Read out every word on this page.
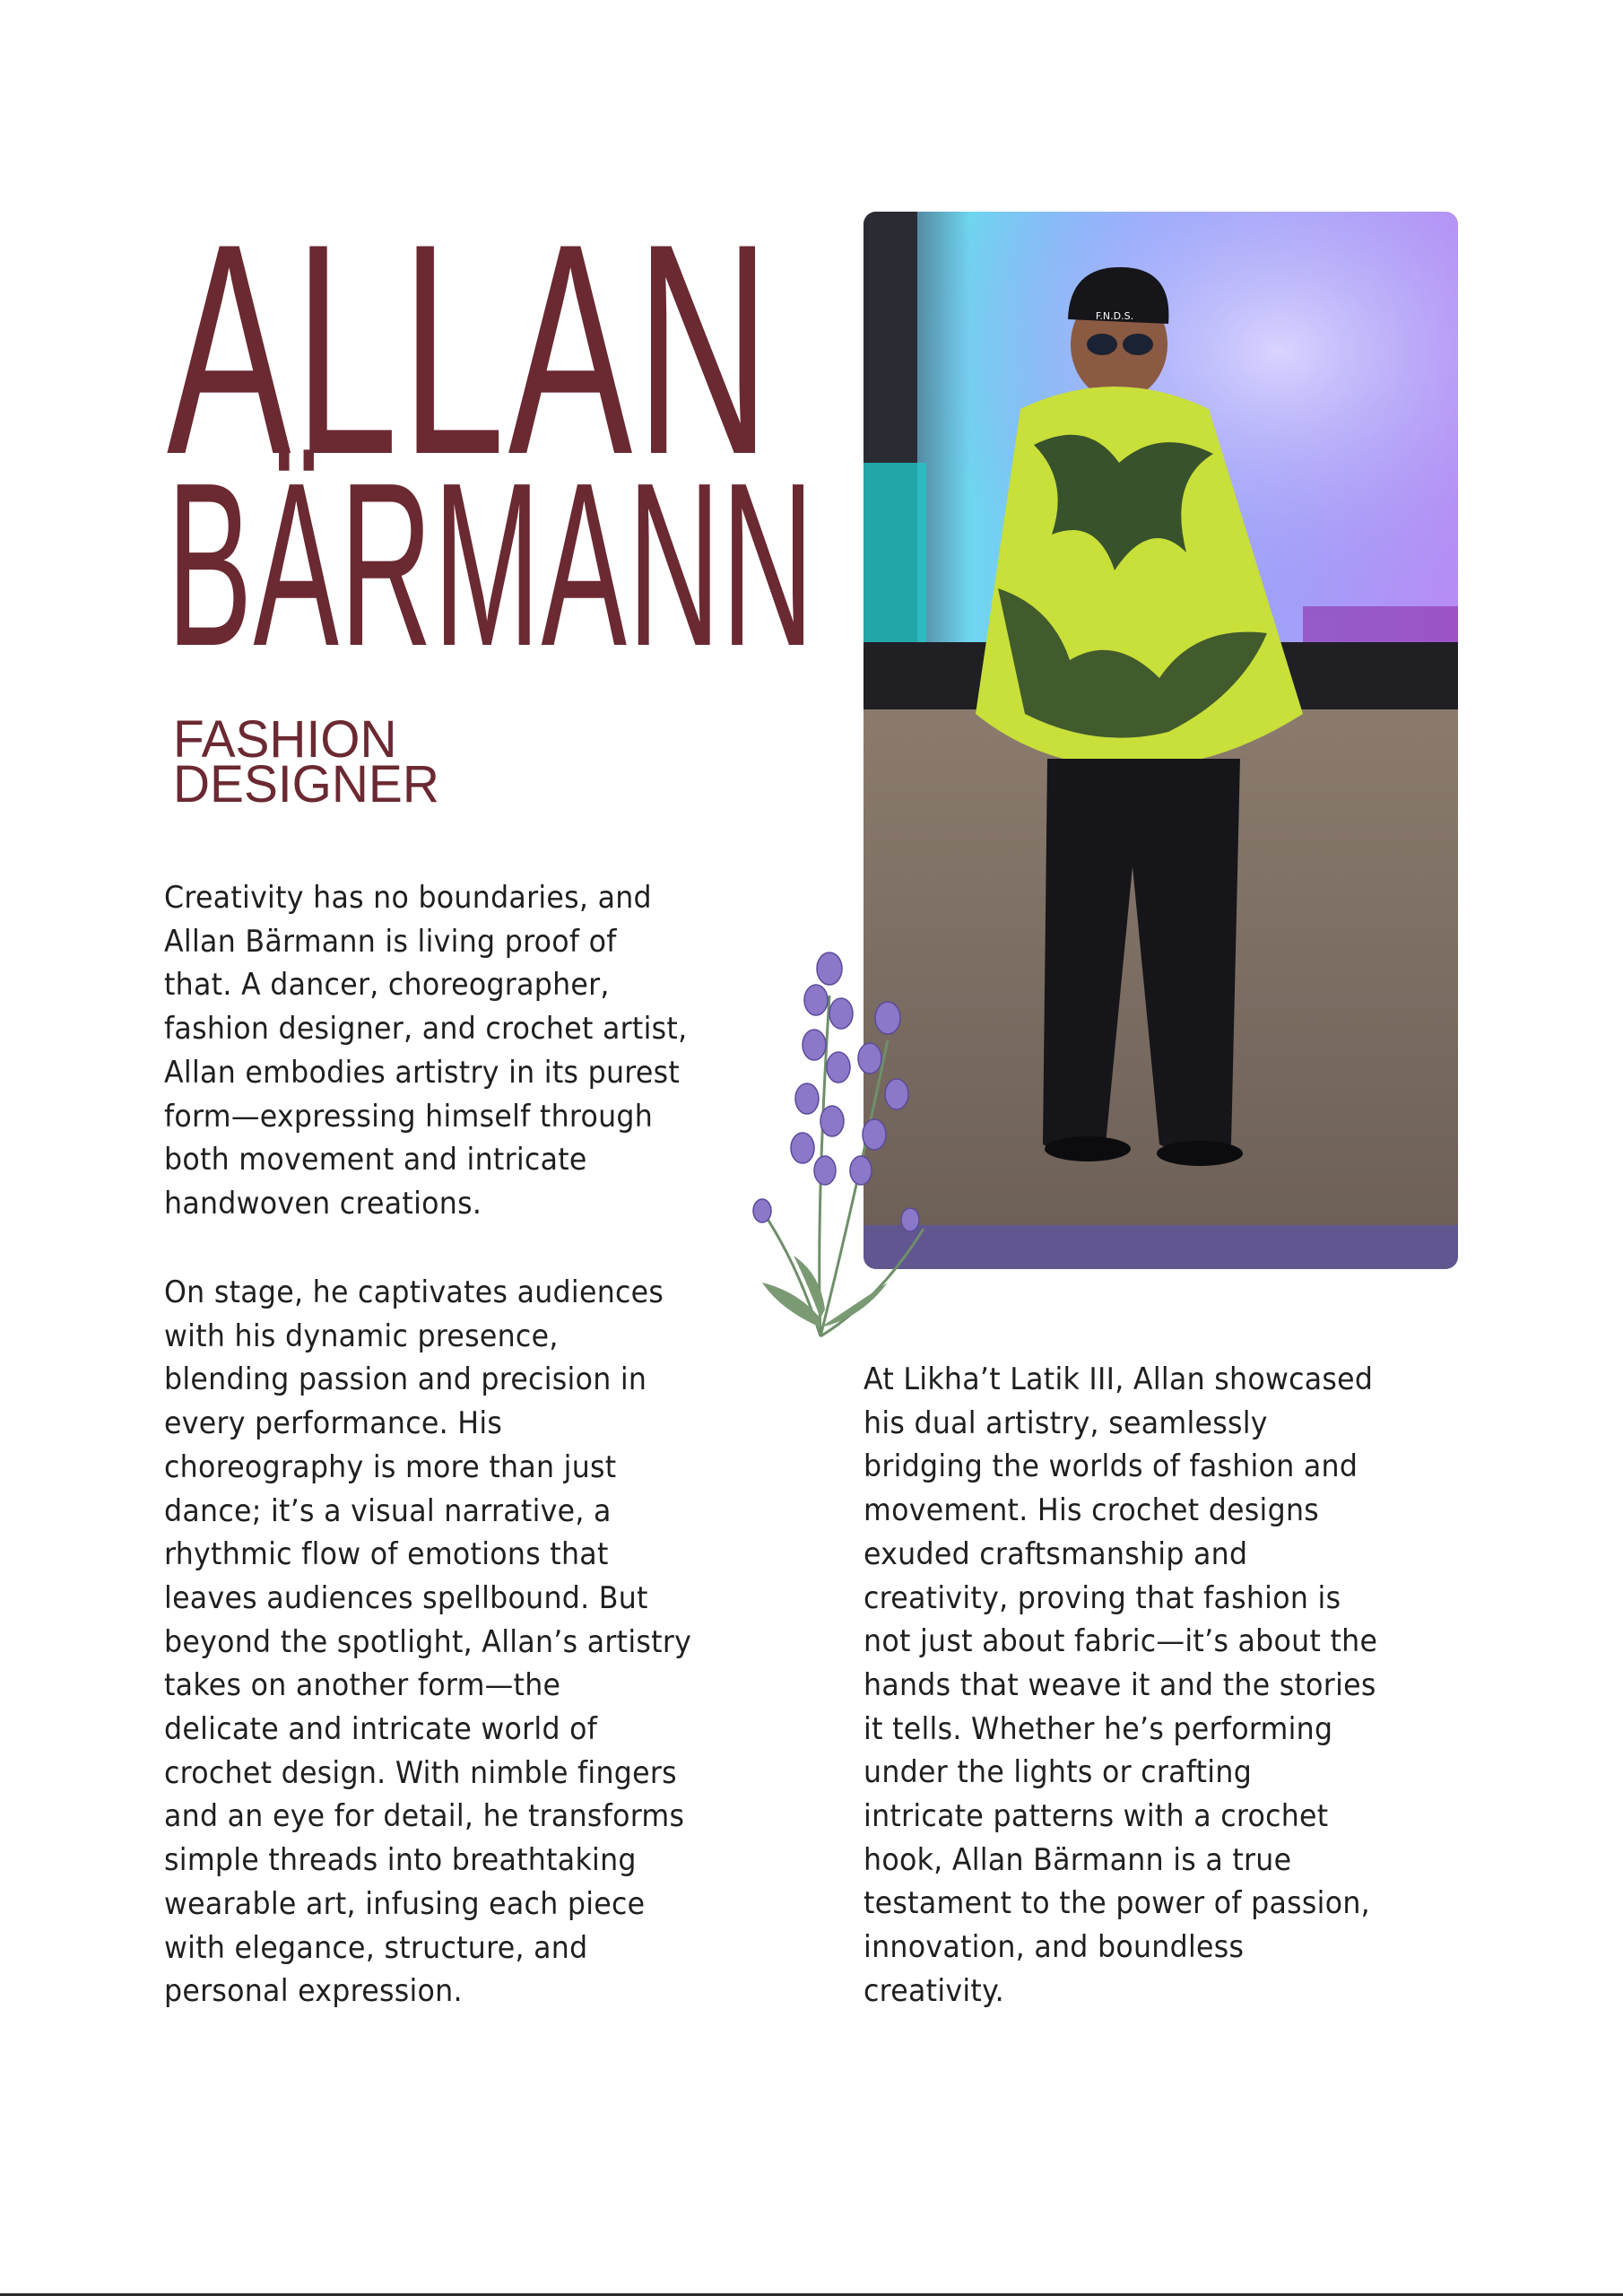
ALLAN
BÄRMANN
FASHION
DESIGNER
Creativity has no boundaries, and
Allan Bärmann is living proof of
that. A dancer, choreographer,
fashion designer, and crochet artist,
Allan embodies artistry in its purest
form—expressing himself through
both movement and intricate
handwoven creations.
On stage, he captivates audiences
with his dynamic presence,
blending passion and precision in
every performance. His
choreography is more than just
dance; it’s a visual narrative, a
rhythmic flow of emotions that
leaves audiences spellbound. But
beyond the spotlight, Allan’s artistry
takes on another form—the
delicate and intricate world of
crochet design. With nimble fingers
and an eye for detail, he transforms
simple threads into breathtaking
wearable art, infusing each piece
with elegance, structure, and
personal expression.
At Likha’t Latik III, Allan showcased
his dual artistry, seamlessly
bridging the worlds of fashion and
movement. His crochet designs
exuded craftsmanship and
creativity, proving that fashion is
not just about fabric—it’s about the
hands that weave it and the stories
it tells. Whether he’s performing
under the lights or crafting
intricate patterns with a crochet
hook, Allan Bärmann is a true
testament to the power of passion,
innovation, and boundless
creativity.
F.N.D.S.
